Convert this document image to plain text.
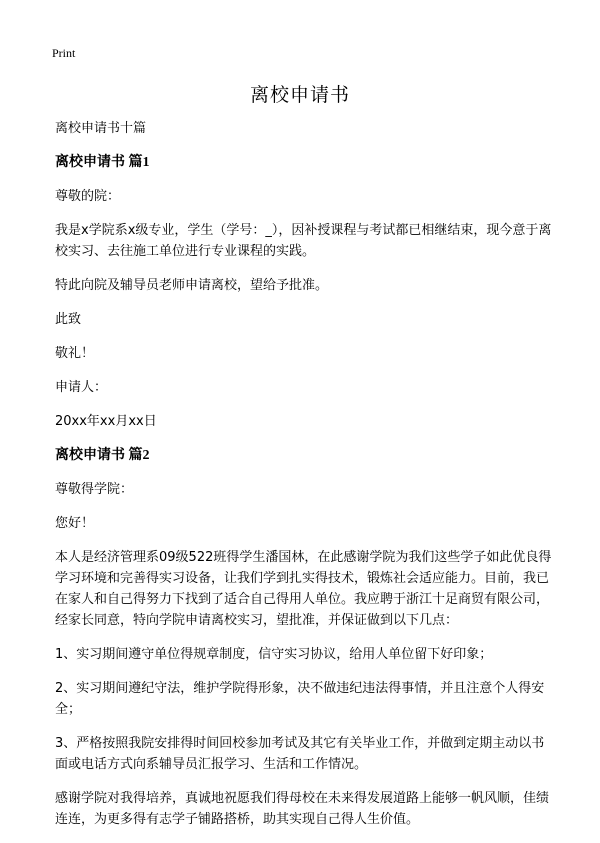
Print
离校申请书

离校申请书十篇

离校申请书 篇1

尊敬的院：

我是x学院系x级专业，学生（学号：_），因补授课程与考试都已相继结束，现今意于离校实习、去往施工单位进行专业课程的实践。

特此向院及辅导员老师申请离校，望给予批准。

此致

敬礼！

申请人：

20xx年xx月xx日

离校申请书 篇2

尊敬得学院：

您好！

本人是经济管理系09级522班得学生潘国林，在此感谢学院为我们这些学子如此优良得学习环境和完善得实习设备，让我们学到扎实得技术，锻炼社会适应能力。目前，我已在家人和自己得努力下找到了适合自己得用人单位。我应聘于浙江十足商贸有限公司，经家长同意，特向学院申请离校实习，望批准，并保证做到以下几点：

1、实习期间遵守单位得规章制度，信守实习协议，给用人单位留下好印象；

2、实习期间遵纪守法，维护学院得形象，决不做违纪违法得事情，并且注意个人得安全；

3、严格按照我院安排得时间回校参加考试及其它有关毕业工作，并做到定期主动以书面或电话方式向系辅导员汇报学习、生活和工作情况。

感谢学院对我得培养，真诚地祝愿我们得母校在未来得发展道路上能够一帆风顺，佳绩连连，为更多得有志学子铺路搭桥，助其实现自己得人生价值。
